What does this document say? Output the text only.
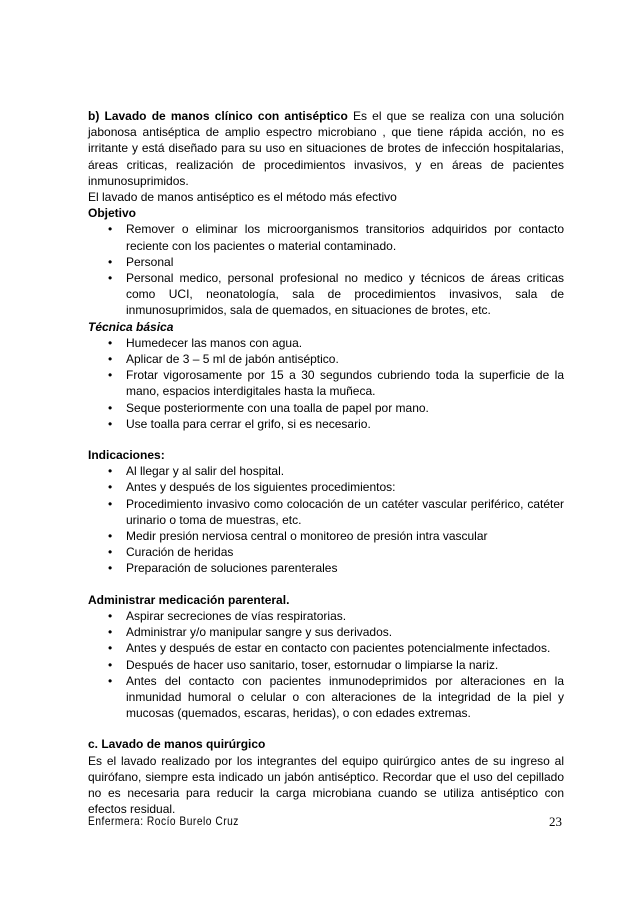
b) Lavado de manos clínico con antiséptico Es el que se realiza con una solución jabonosa antiséptica de amplio espectro microbiano , que tiene rápida acción, no es irritante y está diseñado para su uso en situaciones de brotes de infección hospitalarias, áreas criticas, realización de procedimientos invasivos, y en áreas de pacientes inmunosuprimidos.

El lavado de manos antiséptico es el método más efectivo

Objetivo
• Remover o eliminar los microorganismos transitorios adquiridos por contacto reciente con los pacientes o material contaminado.
• Personal
• Personal medico, personal profesional no medico y técnicos de áreas criticas como UCI, neonatología, sala de procedimientos invasivos, sala de inmunosuprimidos, sala de quemados, en situaciones de brotes, etc.
Técnica básica
• Humedecer las manos con agua.
• Aplicar de 3 – 5 ml de jabón antiséptico.
• Frotar vigorosamente por 15 a 30 segundos cubriendo toda la superficie de la mano, espacios interdigitales hasta la muñeca.
• Seque posteriormente con una toalla de papel por mano.
• Use toalla para cerrar el grifo, si es necesario.
Indicaciones:
• Al llegar y al salir del hospital.
• Antes y después de los siguientes procedimientos:
• Procedimiento invasivo como colocación de un catéter vascular periférico, catéter urinario o toma de muestras, etc.
• Medir presión nerviosa central o monitoreo de presión intra vascular
• Curación de heridas
• Preparación de soluciones parenterales
Administrar medicación parenteral.
• Aspirar secreciones de vías respiratorias.
• Administrar y/o manipular sangre y sus derivados.
• Antes y después de estar en contacto con pacientes potencialmente infectados.
• Después de hacer uso sanitario, toser, estornudar o limpiarse la nariz.
• Antes del contacto con pacientes inmunodeprimidos por alteraciones en la inmunidad humoral o celular o con alteraciones de la integridad de la piel y mucosas (quemados, escaras, heridas), o con edades extremas.
c. Lavado de manos quirúrgico

Es el lavado realizado por los integrantes del equipo quirúrgico antes de su ingreso al quirófano, siempre esta indicado un jabón antiséptico. Recordar que el uso del cepillado no es necesaria para reducir la carga microbiana cuando se utiliza antiséptico con efectos residual.

Enfermera: Rocío Burelo Cruz	23
